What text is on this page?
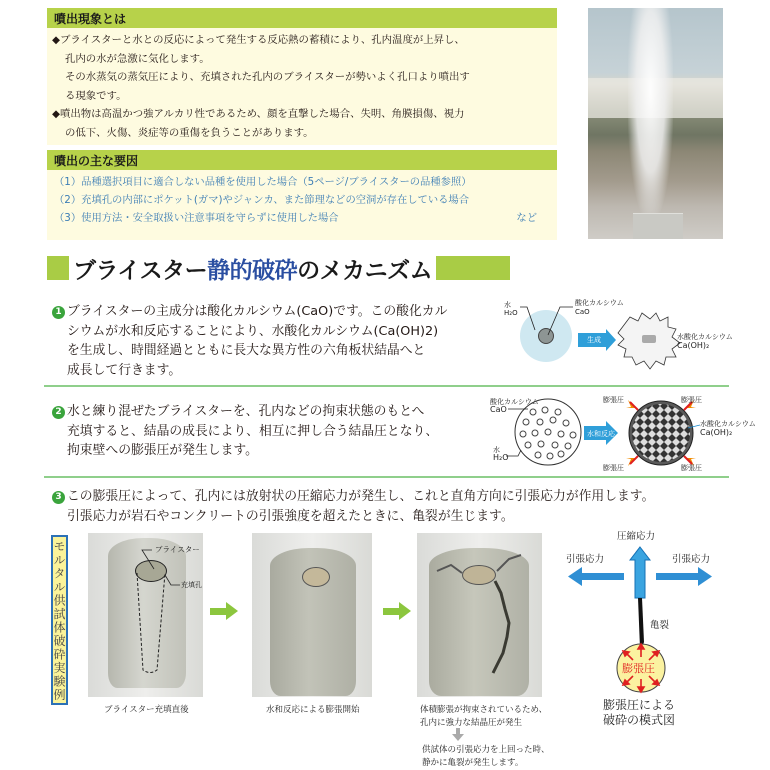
噴出現象とは
◆ブライスターと水との反応によって発生する反応熱の蓄積により、孔内温度が上昇し、
孔内の水が急激に気化します。
その水蒸気の蒸気圧により、充填された孔内のブライスターが勢いよく孔口より噴出す
る現象です。
◆噴出物は高温かつ強アルカリ性であるため、顔を直撃した場合、失明、角膜損傷、視力
の低下、火傷、炎症等の重傷を負うことがあります。
噴出の主な要因
（1）品種選択項目に適合しない品種を使用した場合（5ページ/ブライスターの品種参照）
（2）充填孔の内部にポケット(ガマ)やジャンカ、また節理などの空洞が存在している場合
（3）使用方法・安全取扱い注意事項を守らずに使用した場合	など
ブライスター静的破砕のメカニズム
1 ブライスターの主成分は酸化カルシウム(CaO)です。この酸化カル
シウムが水和反応することにより、水酸化カルシウム(Ca(OH)2)
を生成し、時間経過とともに長大な異方性の六角板状結晶へと
成長して行きます。
水
H₂O
酸化カルシウム
CaO
生成	水酸化カルシウム
Ca(OH)₂
2 水と練り混ぜたブライスターを、孔内などの拘束状態のもとへ
充填すると、結晶の成長により、相互に押し合う結晶圧となり、
拘束壁への膨張圧が発生します。
酸化カルシウム
CaO
水
H₂O
水和反応
膨張圧	膨張圧
膨張圧	膨張圧
水酸化カルシウム
Ca(OH)₂
3 この膨張圧によって、孔内には放射状の圧縮応力が発生し、これと直角方向に引張応力が作用します。
引張応力が岩石やコンクリートの引張強度を超えたときに、亀裂が生じます。
モルタル供試体破砕実験例	ブライスター
充填孔
ブライスター充填直後	水和反応による膨張開始	体積膨張が拘束されているため、
孔内に強力な結晶圧が発生
供試体の引張応力を上回った時、
静かに亀裂が発生します。
圧縮応力
引張応力	引張応力
亀裂
膨張圧
膨張圧による
破砕の模式図
